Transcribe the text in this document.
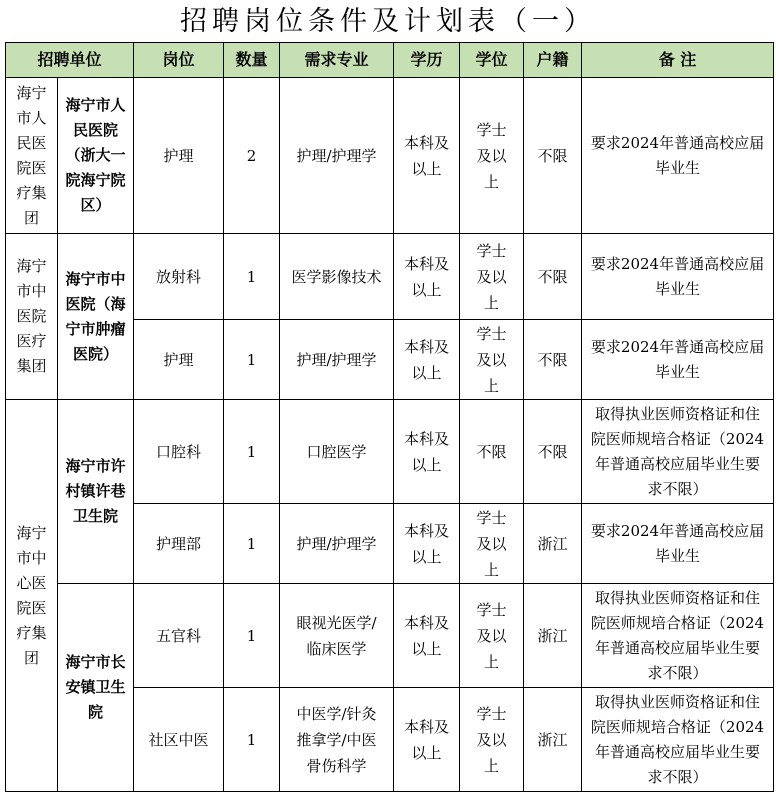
招聘岗位条件及计划表（一）
招聘单位		岗位	数量	需求专业	学历	学位	户籍	备 注
海宁市人民医院医疗集团	海宁市人民医院（浙大一院海宁院区）	护理	2	护理/护理学	本科及以上	学士及以上	不限	要求2024年普通高校应届毕业生
海宁市中医院医疗集团	海宁市中医院（海宁市肿瘤医院）	放射科	1	医学影像技术	本科及以上	学士及以上	不限	要求2024年普通高校应届毕业生
		护理	1	护理/护理学	本科及以上	学士及以上	不限	要求2024年普通高校应届毕业生
海宁市中心医院医疗集团	海宁市许村镇许巷卫生院	口腔科	1	口腔医学	本科及以上	不限	不限	取得执业医师资格证和住院医师规培合格证（2024年普通高校应届毕业生要求不限）
		护理部	1	护理/护理学	本科及以上	学士及以上	浙江	要求2024年普通高校应届毕业生
	海宁市长安镇卫生院	五官科	1	眼视光医学/临床医学	本科及以上	学士及以上	浙江	取得执业医师资格证和住院医师规培合格证（2024年普通高校应届毕业生要求不限）
		社区中医	1	中医学/针灸推拿学/中医骨伤科学	本科及以上	学士及以上	浙江	取得执业医师资格证和住院医师规培合格证（2024年普通高校应届毕业生要求不限）
